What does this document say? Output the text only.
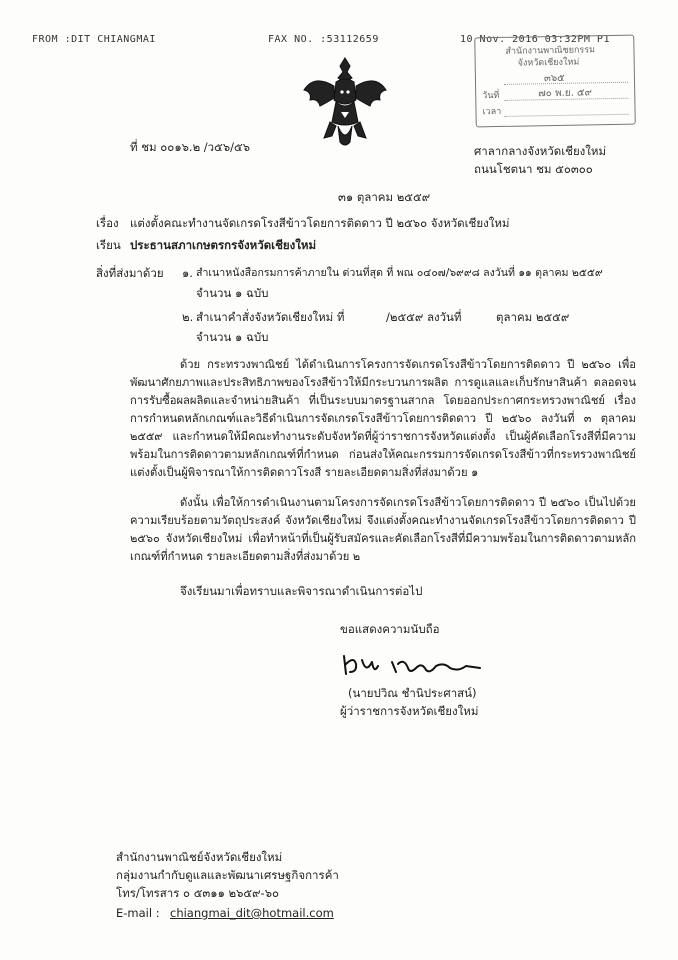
FROM :DIT CHIANGMAI	FAX NO. :53112659	10 Nov. 2016 03:32PM P1
สำนักงานพาณิชยกรรม
จังหวัดเชียงใหม่
๓๖๕
วันที่	๗๐ พ.ย. ๕๙
เวลา
ที่ ชม ๐๐๑๖.๒ /ว๕๖/๕๖	ศาลากลางจังหวัดเชียงใหม่
ถนนโชตนา ชม ๕๐๓๐๐
๓๑ ตุลาคม ๒๕๕๙
เรื่อง แต่งตั้งคณะทำงานจัดเกรดโรงสีข้าวโดยการติดดาว ปี ๒๕๖๐ จังหวัดเชียงใหม่
เรียน ประธานสภาเกษตรกรจังหวัดเชียงใหม่
สิ่งที่ส่งมาด้วย ๑. สำเนาหนังสือกรมการค้าภายใน ด่วนที่สุด ที่ พณ ๐๔๐๗/๖๙๙๘ ลงวันที่ ๑๑ ตุลาคม ๒๕๕๙
จำนวน ๑ ฉบับ
๒. สำเนาคำสั่งจังหวัดเชียงใหม่ ที่	/๒๕๕๙ ลงวันที่	ตุลาคม ๒๕๕๙
จำนวน ๑ ฉบับ
ด้วย กระทรวงพาณิชย์ ได้ดำเนินการโครงการจัดเกรดโรงสีข้าวโดยการติดดาว ปี ๒๕๖๐ เพื่อพัฒนาศักยภาพและประสิทธิภาพของโรงสีข้าวให้มีกระบวนการผลิต การดูแลและเก็บรักษาสินค้า ตลอดจนการรับซื้อผลผลิตและจำหน่ายสินค้า ที่เป็นระบบมาตรฐานสากล โดยออกประกาศกระทรวงพาณิชย์ เรื่อง การกำหนดหลักเกณฑ์และวิธีดำเนินการจัดเกรดโรงสีข้าวโดยการติดดาว ปี ๒๕๖๐ ลงวันที่ ๓ ตุลาคม ๒๕๕๙ และกำหนดให้มีคณะทำงานระดับจังหวัดที่ผู้ว่าราชการจังหวัดแต่งตั้ง เป็นผู้คัดเลือกโรงสีที่มีความพร้อมในการติดดาวตามหลักเกณฑ์ที่กำหนด ก่อนส่งให้คณะกรรมการจัดเกรดโรงสีข้าวที่กระทรวงพาณิชย์แต่งตั้งเป็นผู้พิจารณาให้การติดดาวโรงสี รายละเอียดตามสิ่งที่ส่งมาด้วย ๑
ดังนั้น เพื่อให้การดำเนินงานตามโครงการจัดเกรดโรงสีข้าวโดยการติดดาว ปี ๒๕๖๐ เป็นไปด้วยความเรียบร้อยตามวัตถุประสงค์ จังหวัดเชียงใหม่ จึงแต่งตั้งคณะทำงานจัดเกรดโรงสีข้าวโดยการติดดาว ปี ๒๕๖๐ จังหวัดเชียงใหม่ เพื่อทำหน้าที่เป็นผู้รับสมัครและคัดเลือกโรงสีที่มีความพร้อมในการติดดาวตามหลักเกณฑ์ที่กำหนด รายละเอียดตามสิ่งที่ส่งมาด้วย ๒
จึงเรียนมาเพื่อทราบและพิจารณาดำเนินการต่อไป
ขอแสดงความนับถือ
(นายปวิณ ชำนิประศาสน์)
ผู้ว่าราชการจังหวัดเชียงใหม่
สำนักงานพาณิชย์จังหวัดเชียงใหม่
กลุ่มงานกำกับดูแลและพัฒนาเศรษฐกิจการค้า
โทร/โทรสาร ๐ ๕๓๑๑ ๒๖๕๙-๖๐
E-mail : chiangmai_dit@hotmail.com
